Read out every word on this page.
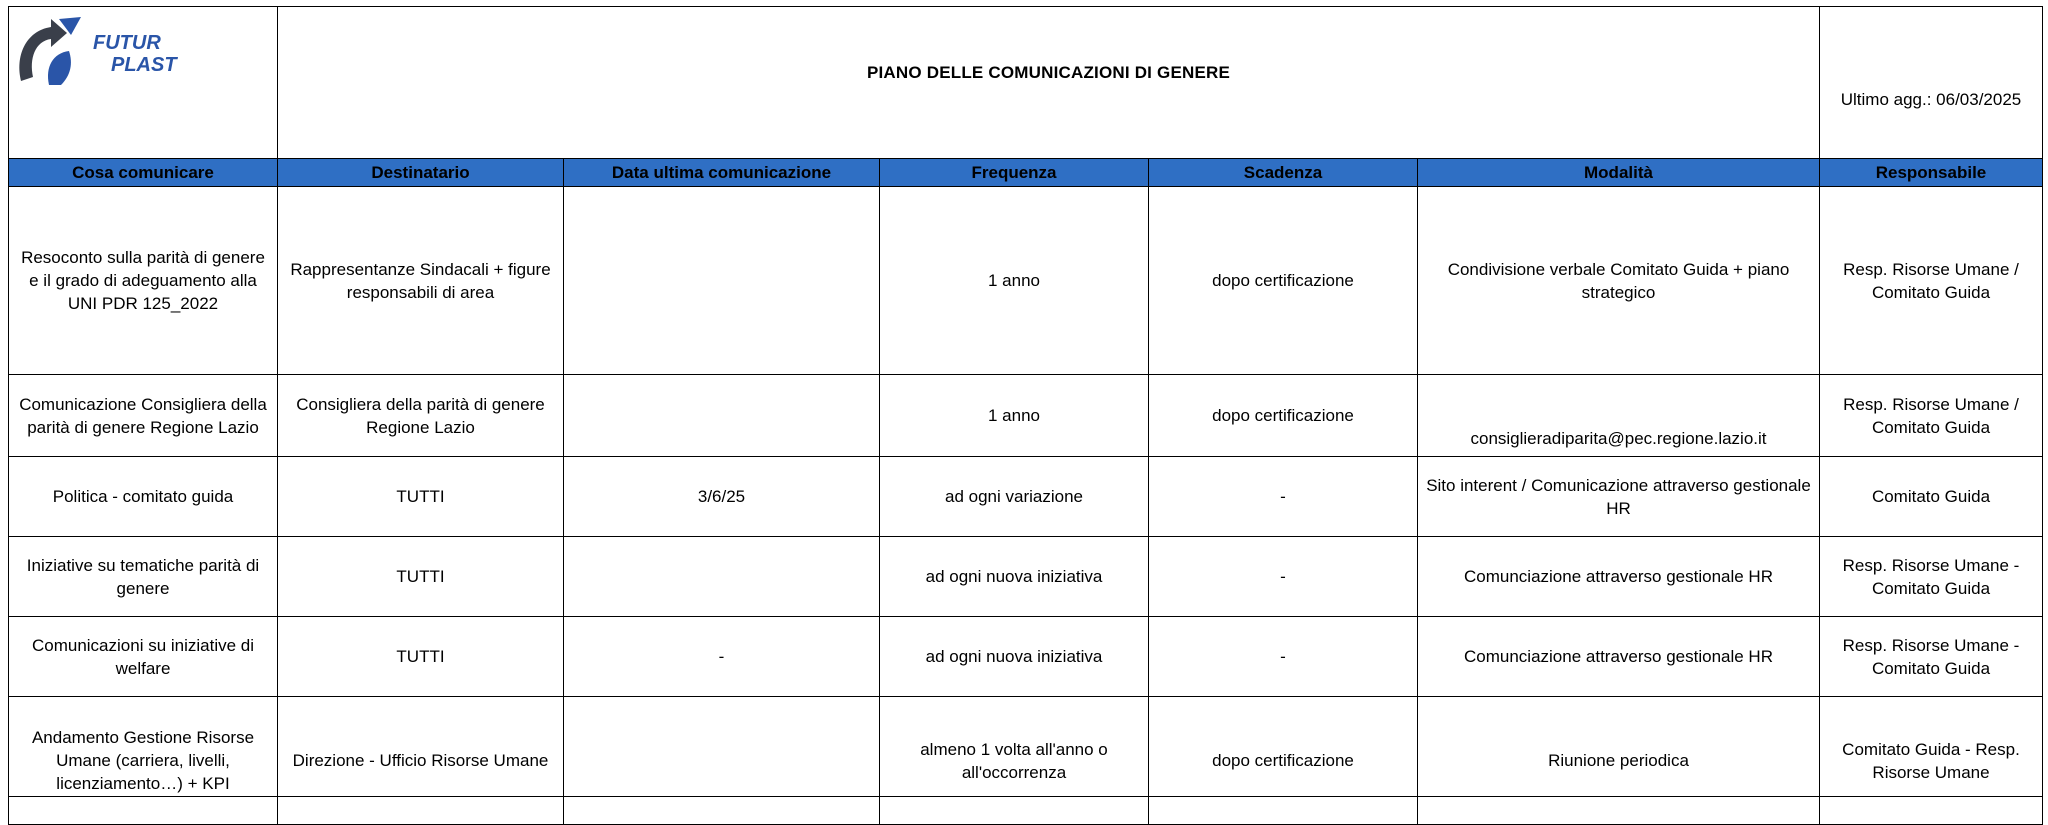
FUTUR
PLAST	PIANO DELLE COMUNICAZIONI DI GENERE					Ultimo agg.: 06/03/2025
Cosa comunicare	Destinatario	Data ultima comunicazione	Frequenza	Scadenza	Modalità	Responsabile
Resoconto sulla parità di genere e il grado di adeguamento alla UNI PDR 125_2022	Rappresentanze Sindacali + figure responsabili di area		1 anno	dopo certificazione	Condivisione verbale Comitato Guida + piano strategico	Resp. Risorse Umane / Comitato Guida
Comunicazione Consigliera della parità di genere Regione Lazio	Consigliera della parità di genere Regione Lazio		1 anno	dopo certificazione	consiglieradiparita@pec.regione.lazio.it	Resp. Risorse Umane / Comitato Guida
Politica - comitato guida	TUTTI	3/6/25	ad ogni variazione	-	Sito interent / Comunicazione attraverso gestionale HR	Comitato Guida
Iniziative su tematiche parità di genere	TUTTI		ad ogni nuova iniziativa	-	Comunciazione attraverso gestionale HR	Resp. Risorse Umane - Comitato Guida
Comunicazioni su iniziative di welfare	TUTTI	-	ad ogni nuova iniziativa	-	Comunciazione attraverso gestionale HR	Resp. Risorse Umane - Comitato Guida
Andamento Gestione Risorse Umane (carriera, livelli, licenziamento…) + KPI	Direzione - Ufficio Risorse Umane		almeno 1 volta all'anno o all'occorrenza	dopo certificazione	Riunione periodica	Comitato Guida - Resp. Risorse Umane
